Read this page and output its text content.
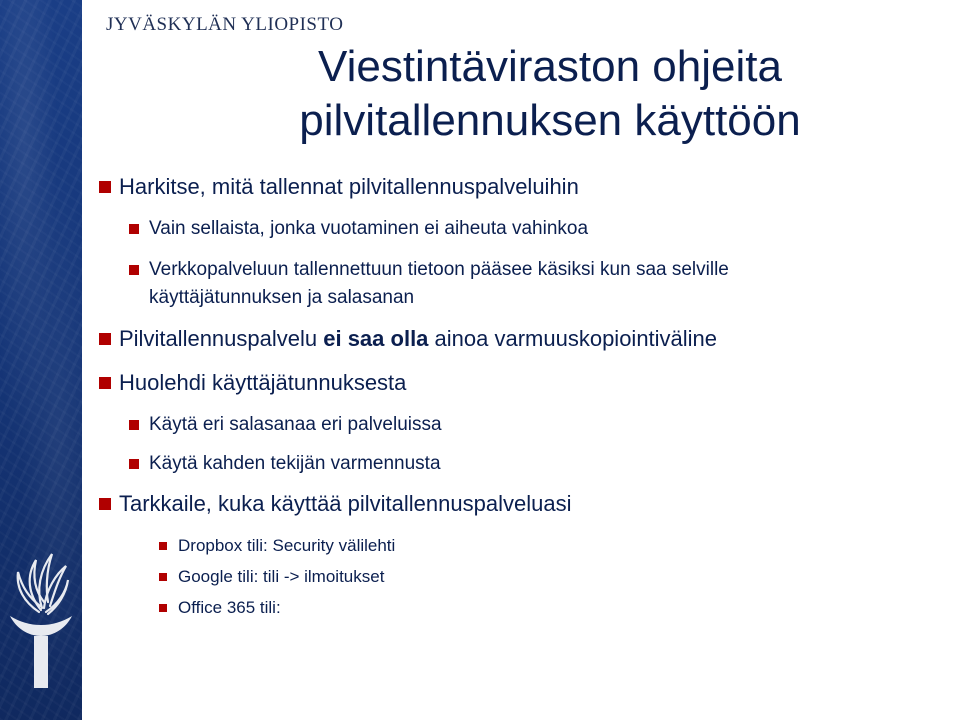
JYVÄSKYLÄN YLIOPISTO
Viestintäviraston ohjeita
pilvitallennuksen käyttöön
Harkitse, mitä tallennat pilvitallennuspalveluihin
Vain sellaista, jonka vuotaminen ei aiheuta vahinkoa
Verkkopalveluun tallennettuun tietoon pääsee käsiksi kun saa selville
käyttäjätunnuksen ja salasanan
Pilvitallennuspalvelu ei saa olla ainoa varmuuskopiointiväline
Huolehdi käyttäjätunnuksesta
Käytä eri salasanaa eri palveluissa
Käytä kahden tekijän varmennusta
Tarkkaile, kuka käyttää pilvitallennuspalveluasi
Dropbox tili: Security välilehti
Google tili: tili -> ilmoitukset
Office 365 tili:
